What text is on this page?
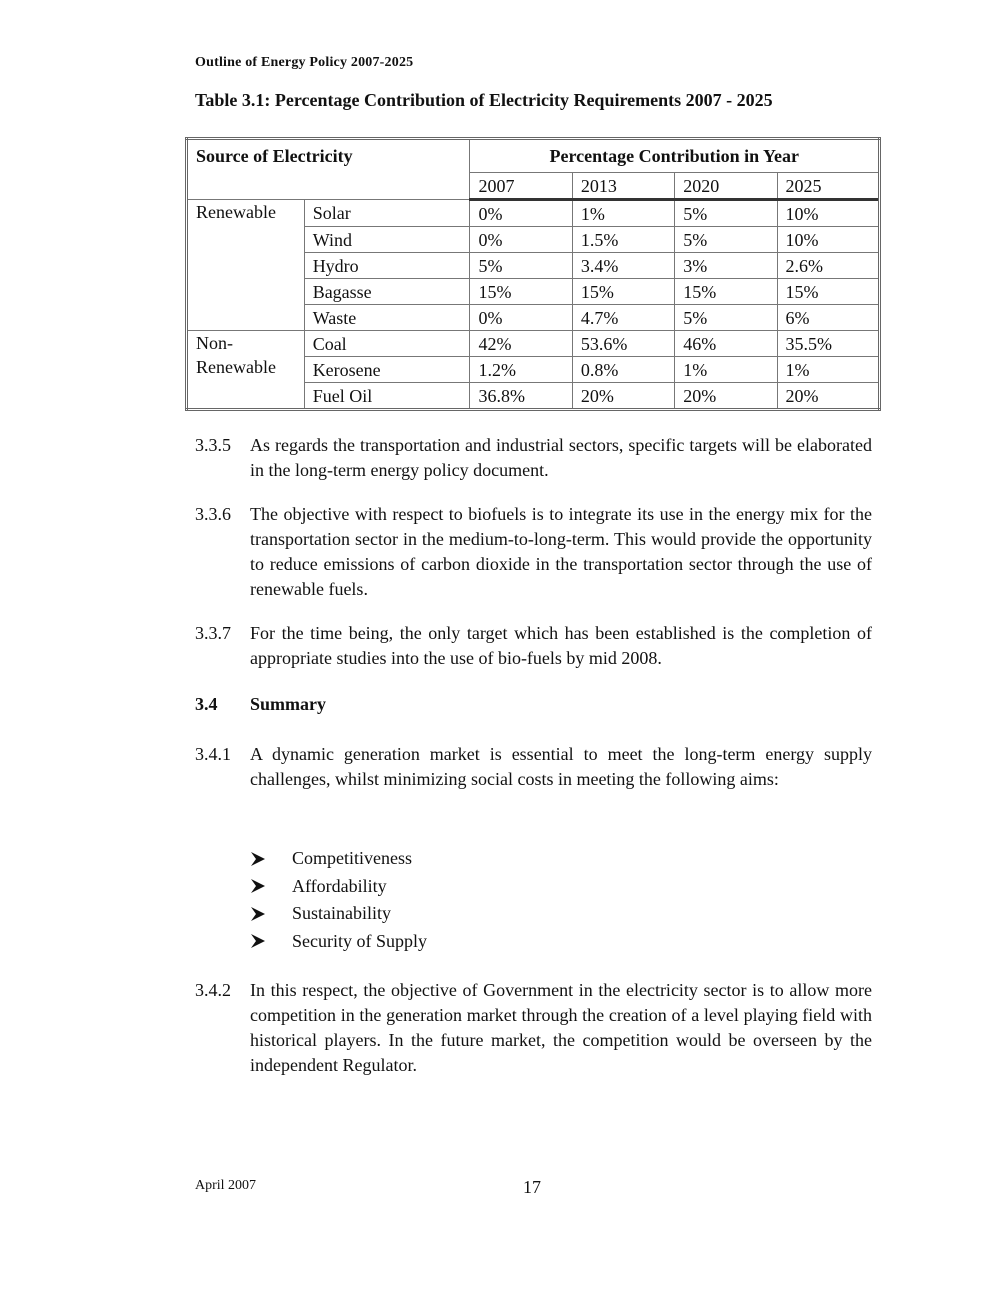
Outline of Energy Policy 2007-2025
Table 3.1: Percentage Contribution of Electricity Requirements 2007 - 2025
Source of Electricity		Percentage Contribution in Year			
		2007	2013	2020	2025
Renewable	Solar	0%	1%	5%	10%
	Wind	0%	1.5%	5%	10%
	Hydro	5%	3.4%	3%	2.6%
	Bagasse	15%	15%	15%	15%
	Waste	0%	4.7%	5%	6%
Non-
Renewable	Coal	42%	53.6%	46%	35.5%
	Kerosene	1.2%	0.8%	1%	1%
	Fuel Oil	36.8%	20%	20%	20%
3.3.5	As regards the transportation and industrial sectors, specific targets will be elaborated in the long-term energy policy document.
3.3.6	The objective with respect to biofuels is to integrate its use in the energy mix for the transportation sector in the medium-to-long-term. This would provide the opportunity to reduce emissions of carbon dioxide in the transportation sector through the use of renewable fuels.
3.3.7	For the time being, the only target which has been established is the completion of appropriate studies into the use of bio-fuels by mid 2008.
3.4 Summary
3.4.1	A dynamic generation market is essential to meet the long-term energy supply challenges, whilst minimizing social costs in meeting the following aims:
Competitiveness
Affordability
Sustainability
Security of Supply
3.4.2	In this respect, the objective of Government in the electricity sector is to allow more competition in the generation market through the creation of a level playing field with historical players. In the future market, the competition would be overseen by the independent Regulator.
April 2007	17
